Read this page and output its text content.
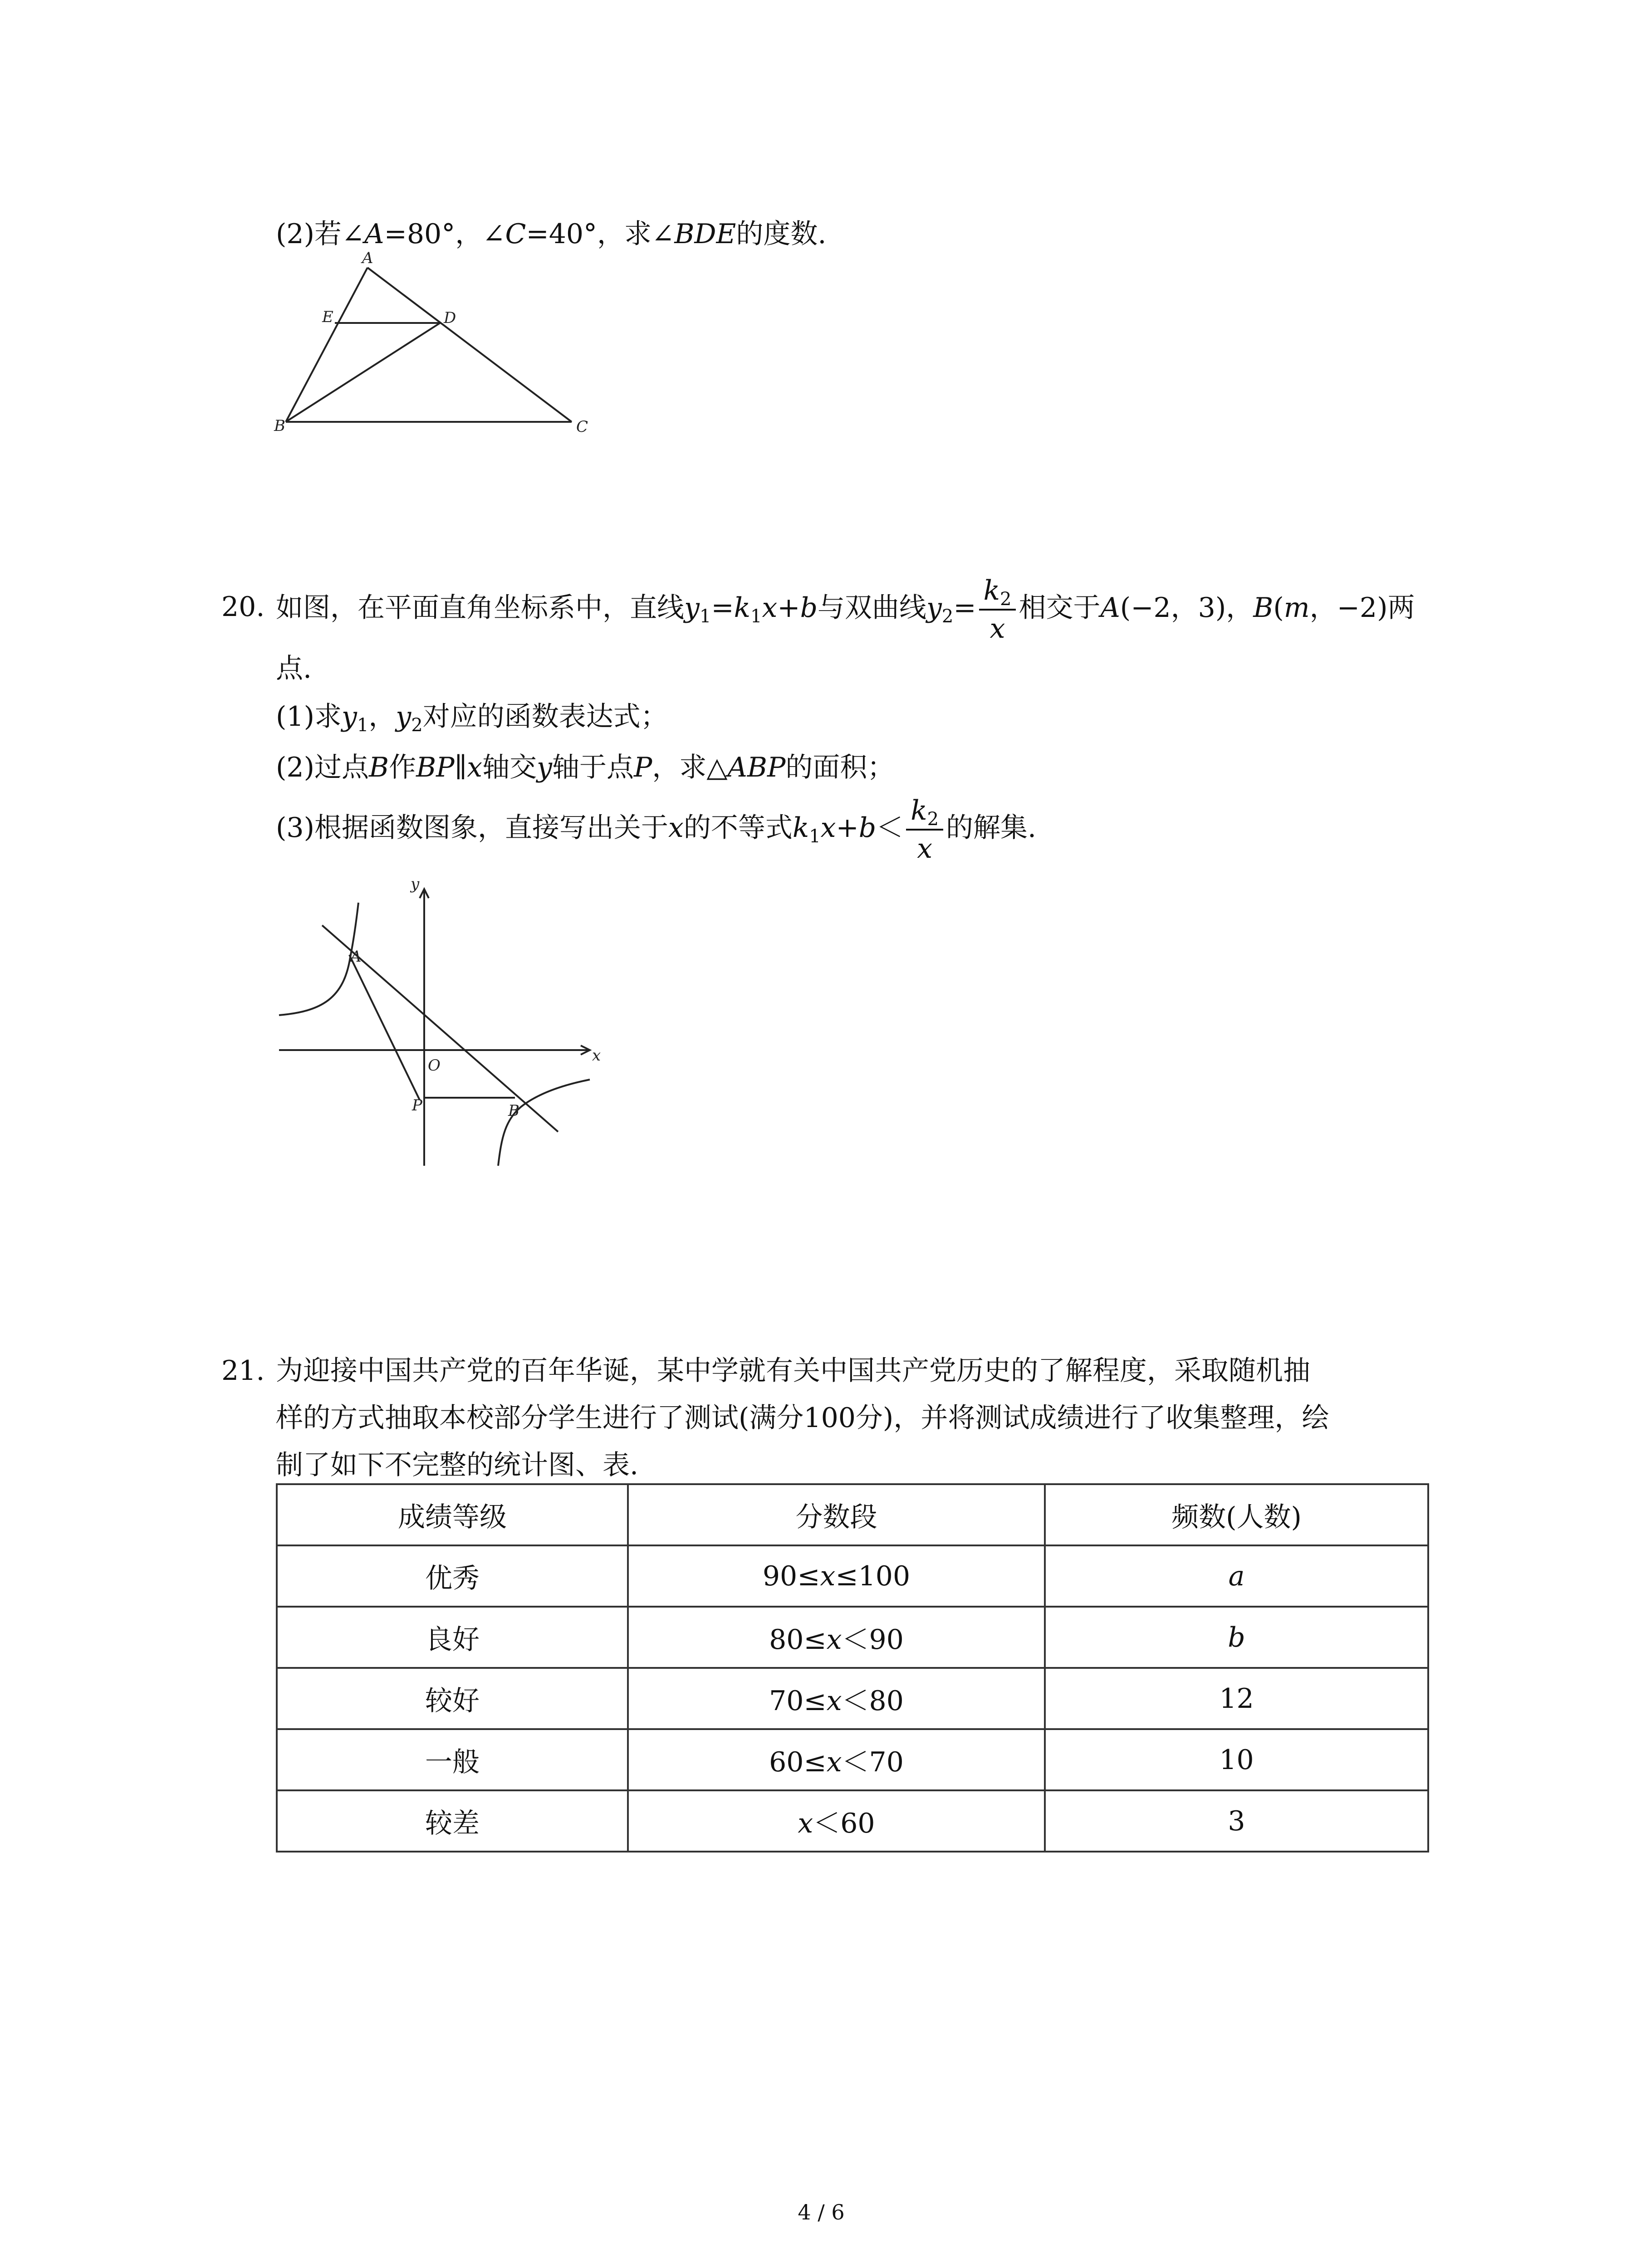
(2)若∠A=80°，∠C=40°，求∠BDE的度数.
A
E	D
B	C
20. 如图，在平面直角坐标系中，直线$y_1=k_1x+b$与双曲线$y_2= \frac{k_2}{x}$ 相交于A(−2，3)，B(m，−2)两
点.
(1)求$y_1$，$y_2$对应的函数表达式；
(2)过点B作BP∥x轴交y轴于点P，求△ABP的面积；
(3)根据函数图象，直接写出关于x的不等式$k_1x+b< \frac{k_2}{x}$ 的解集.
y
x
A
O
P	B
21. 为迎接中国共产党的百年华诞，某中学就有关中国共产党历史的了解程度，采取随机抽
样的方式抽取本校部分学生进行了测试(满分100分)，并将测试成绩进行了收集整理，绘
制了如下不完整的统计图、表.
成绩等级	分数段	频数(人数)
优秀	90≤x≤100	a
良好	80≤x＜90	b
较好	70≤x＜80	12
一般	60≤x＜70	10
较差	x＜60	3
4 / 6
